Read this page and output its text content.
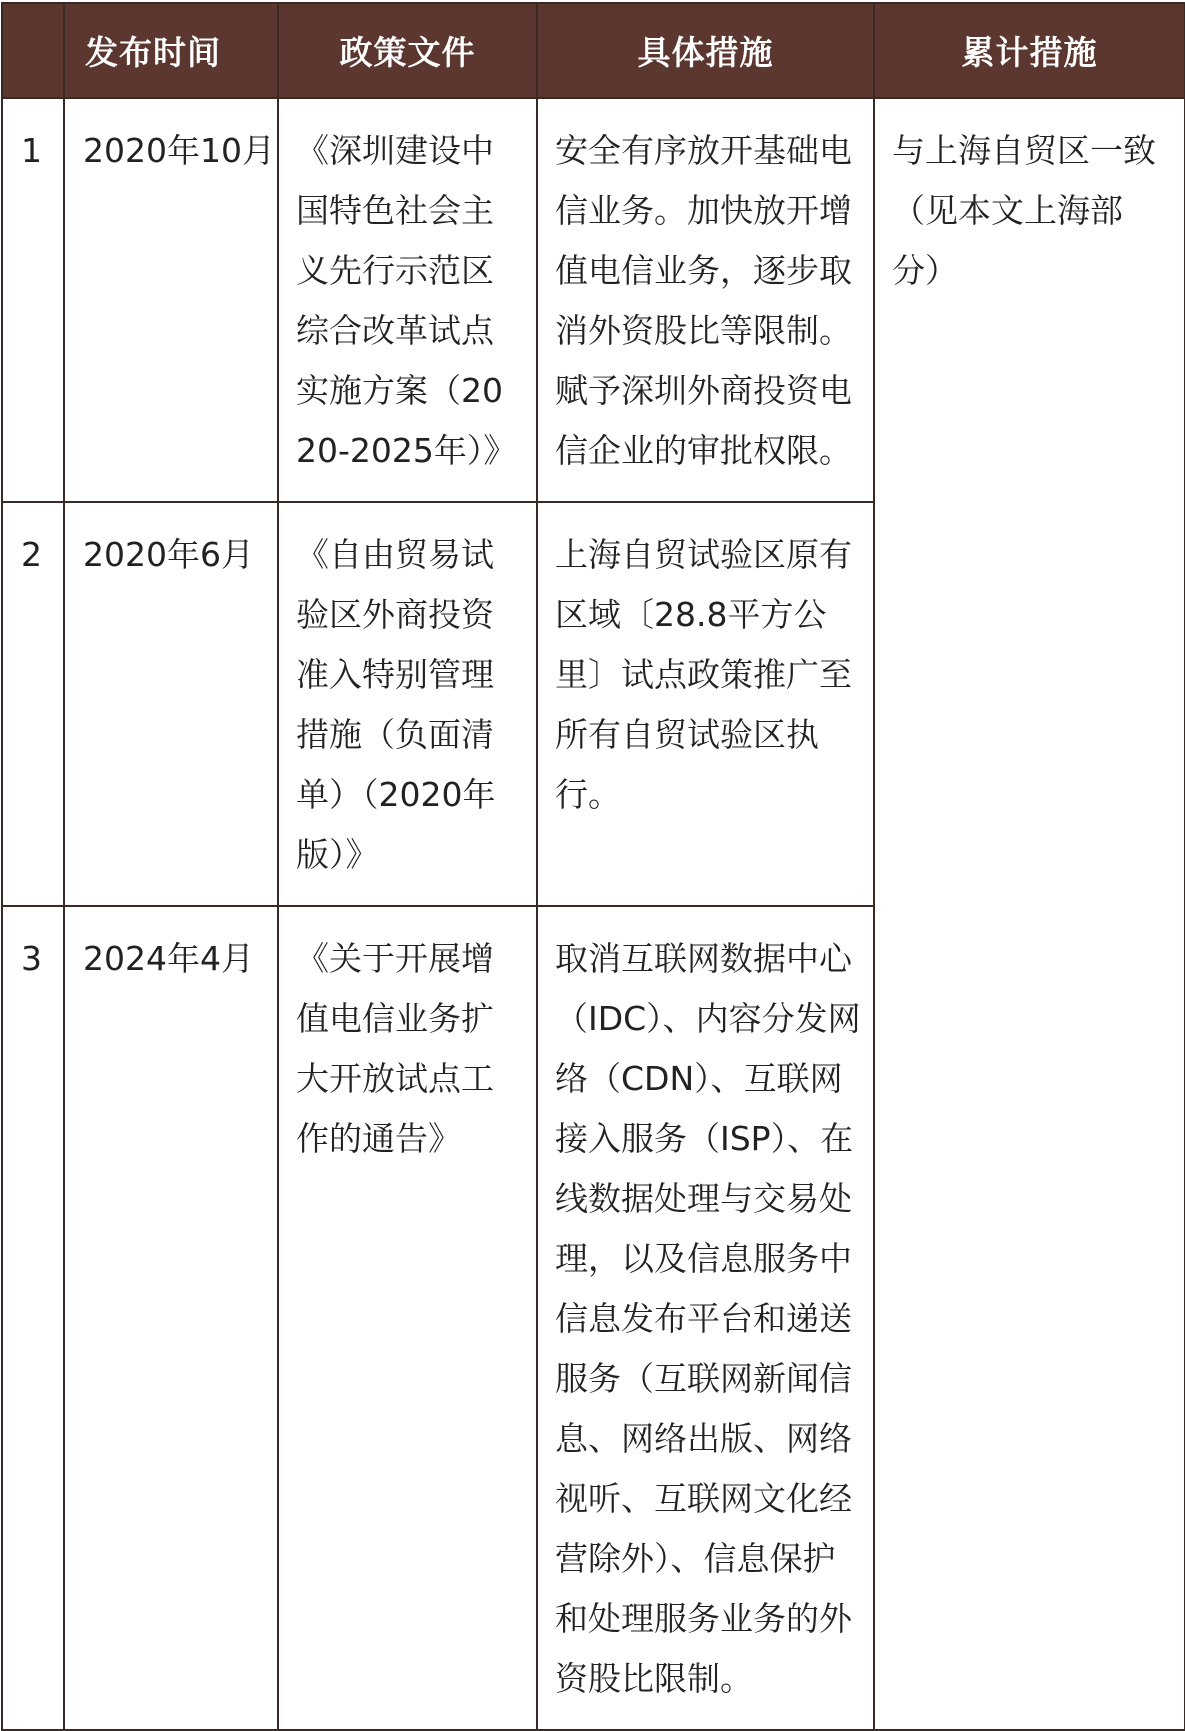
	发布时间	政策文件	具体措施	累计措施
1	2020年10月	《深圳建设中国特色社会主义先行示范区综合改革试点实施方案（2020-2025年）》	安全有序放开基础电信业务。加快放开增值电信业务，逐步取消外资股比等限制。赋予深圳外商投资电信企业的审批权限。	与上海自贸区一致（见本文上海部分）
2	2020年6月	《自由贸易试验区外商投资准入特别管理措施（负面清单）（2020年版）》	上海自贸试验区原有区域〔28.8平方公里〕试点政策推广至所有自贸试验区执行。	
3	2024年4月	《关于开展增值电信业务扩大开放试点工作的通告》	取消互联网数据中心（IDC）、内容分发网络（CDN）、互联网接入服务（ISP）、在线数据处理与交易处理，以及信息服务中信息发布平台和递送服务（互联网新闻信息、网络出版、网络视听、互联网文化经营除外）、信息保护和处理服务业务的外资股比限制。	
